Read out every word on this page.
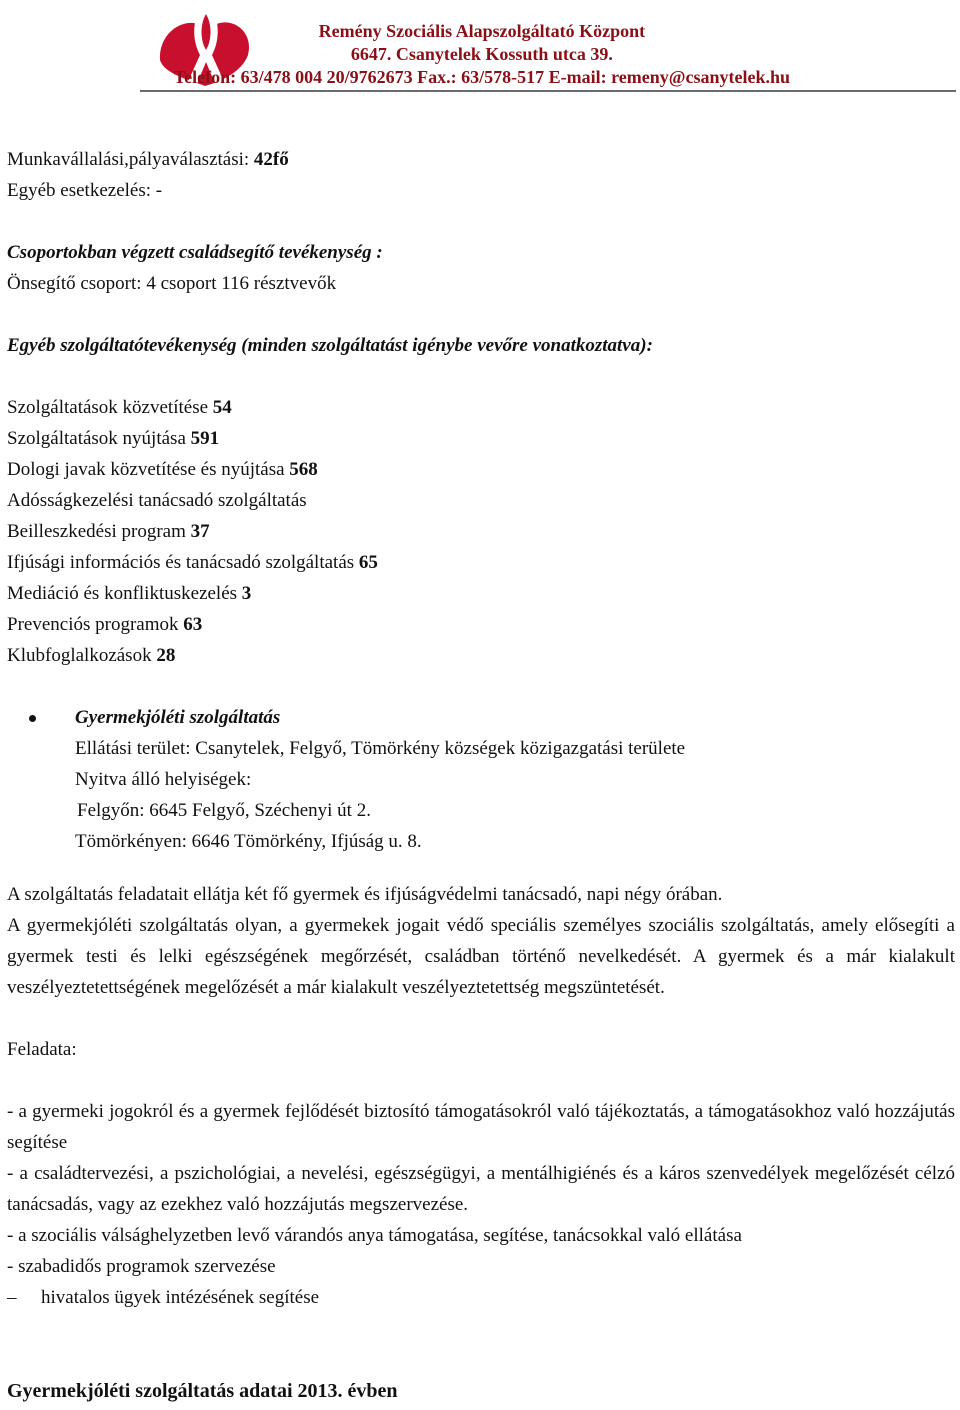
Remény Szociális Alapszolgáltató Központ
6647. Csanytelek Kossuth utca 39.
Telefon: 63/478 004 20/9762673 Fax.: 63/578-517 E-mail: remeny@csanytelek.hu

Munkavállalási,pályaválasztási: 42fő

Egyéb esetkezelés: -

Csoportokban végzett családsegítő tevékenység :

Önsegítő csoport: 4 csoport 116 résztvevők

Egyéb szolgáltatótevékenység (minden szolgáltatást igénybe vevőre vonatkoztatva):

Szolgáltatások közvetítése 54

Szolgáltatások nyújtása 591

Dologi javak közvetítése és nyújtása 568

Adósságkezelési tanácsadó szolgáltatás

Beilleszkedési program 37

Ifjúsági információs és tanácsadó szolgáltatás 65

Mediáció és konfliktuskezelés 3

Prevenciós programok 63

Klubfoglalkozások 28

Gyermekjóléti szolgáltatás

Ellátási terület: Csanytelek, Felgyő, Tömörkény községek közigazgatási területe

Nyitva álló helyiségek:

Felgyőn: 6645 Felgyő, Széchenyi út 2.

Tömörkényen: 6646 Tömörkény, Ifjúság u. 8.

A szolgáltatás feladatait ellátja két fő gyermek és ifjúságvédelmi tanácsadó, napi négy órában.

A gyermekjóléti szolgáltatás olyan, a gyermekek jogait védő speciális személyes szociális szolgáltatás, amely elősegíti a gyermek testi és lelki egészségének megőrzését, családban történő nevelkedését. A gyermek és a már kialakult veszélyeztetettségének megelőzését a már kialakult veszélyeztetettség megszüntetését.

Feladata:

- a gyermeki jogokról és a gyermek fejlődését biztosító támogatásokról való tájékoztatás, a támogatásokhoz való hozzájutás segítése

- a családtervezési, a pszichológiai, a nevelési, egészségügyi, a mentálhigiénés és a káros szenvedélyek megelőzését célzó tanácsadás, vagy az ezekhez való hozzájutás megszervezése.

- a szociális válsághelyzetben levő várandós anya támogatása, segítése, tanácsokkal való ellátása

- szabadidős programok szervezése

– hivatalos ügyek intézésének segítése

Gyermekjóléti szolgáltatás adatai 2013. évben
